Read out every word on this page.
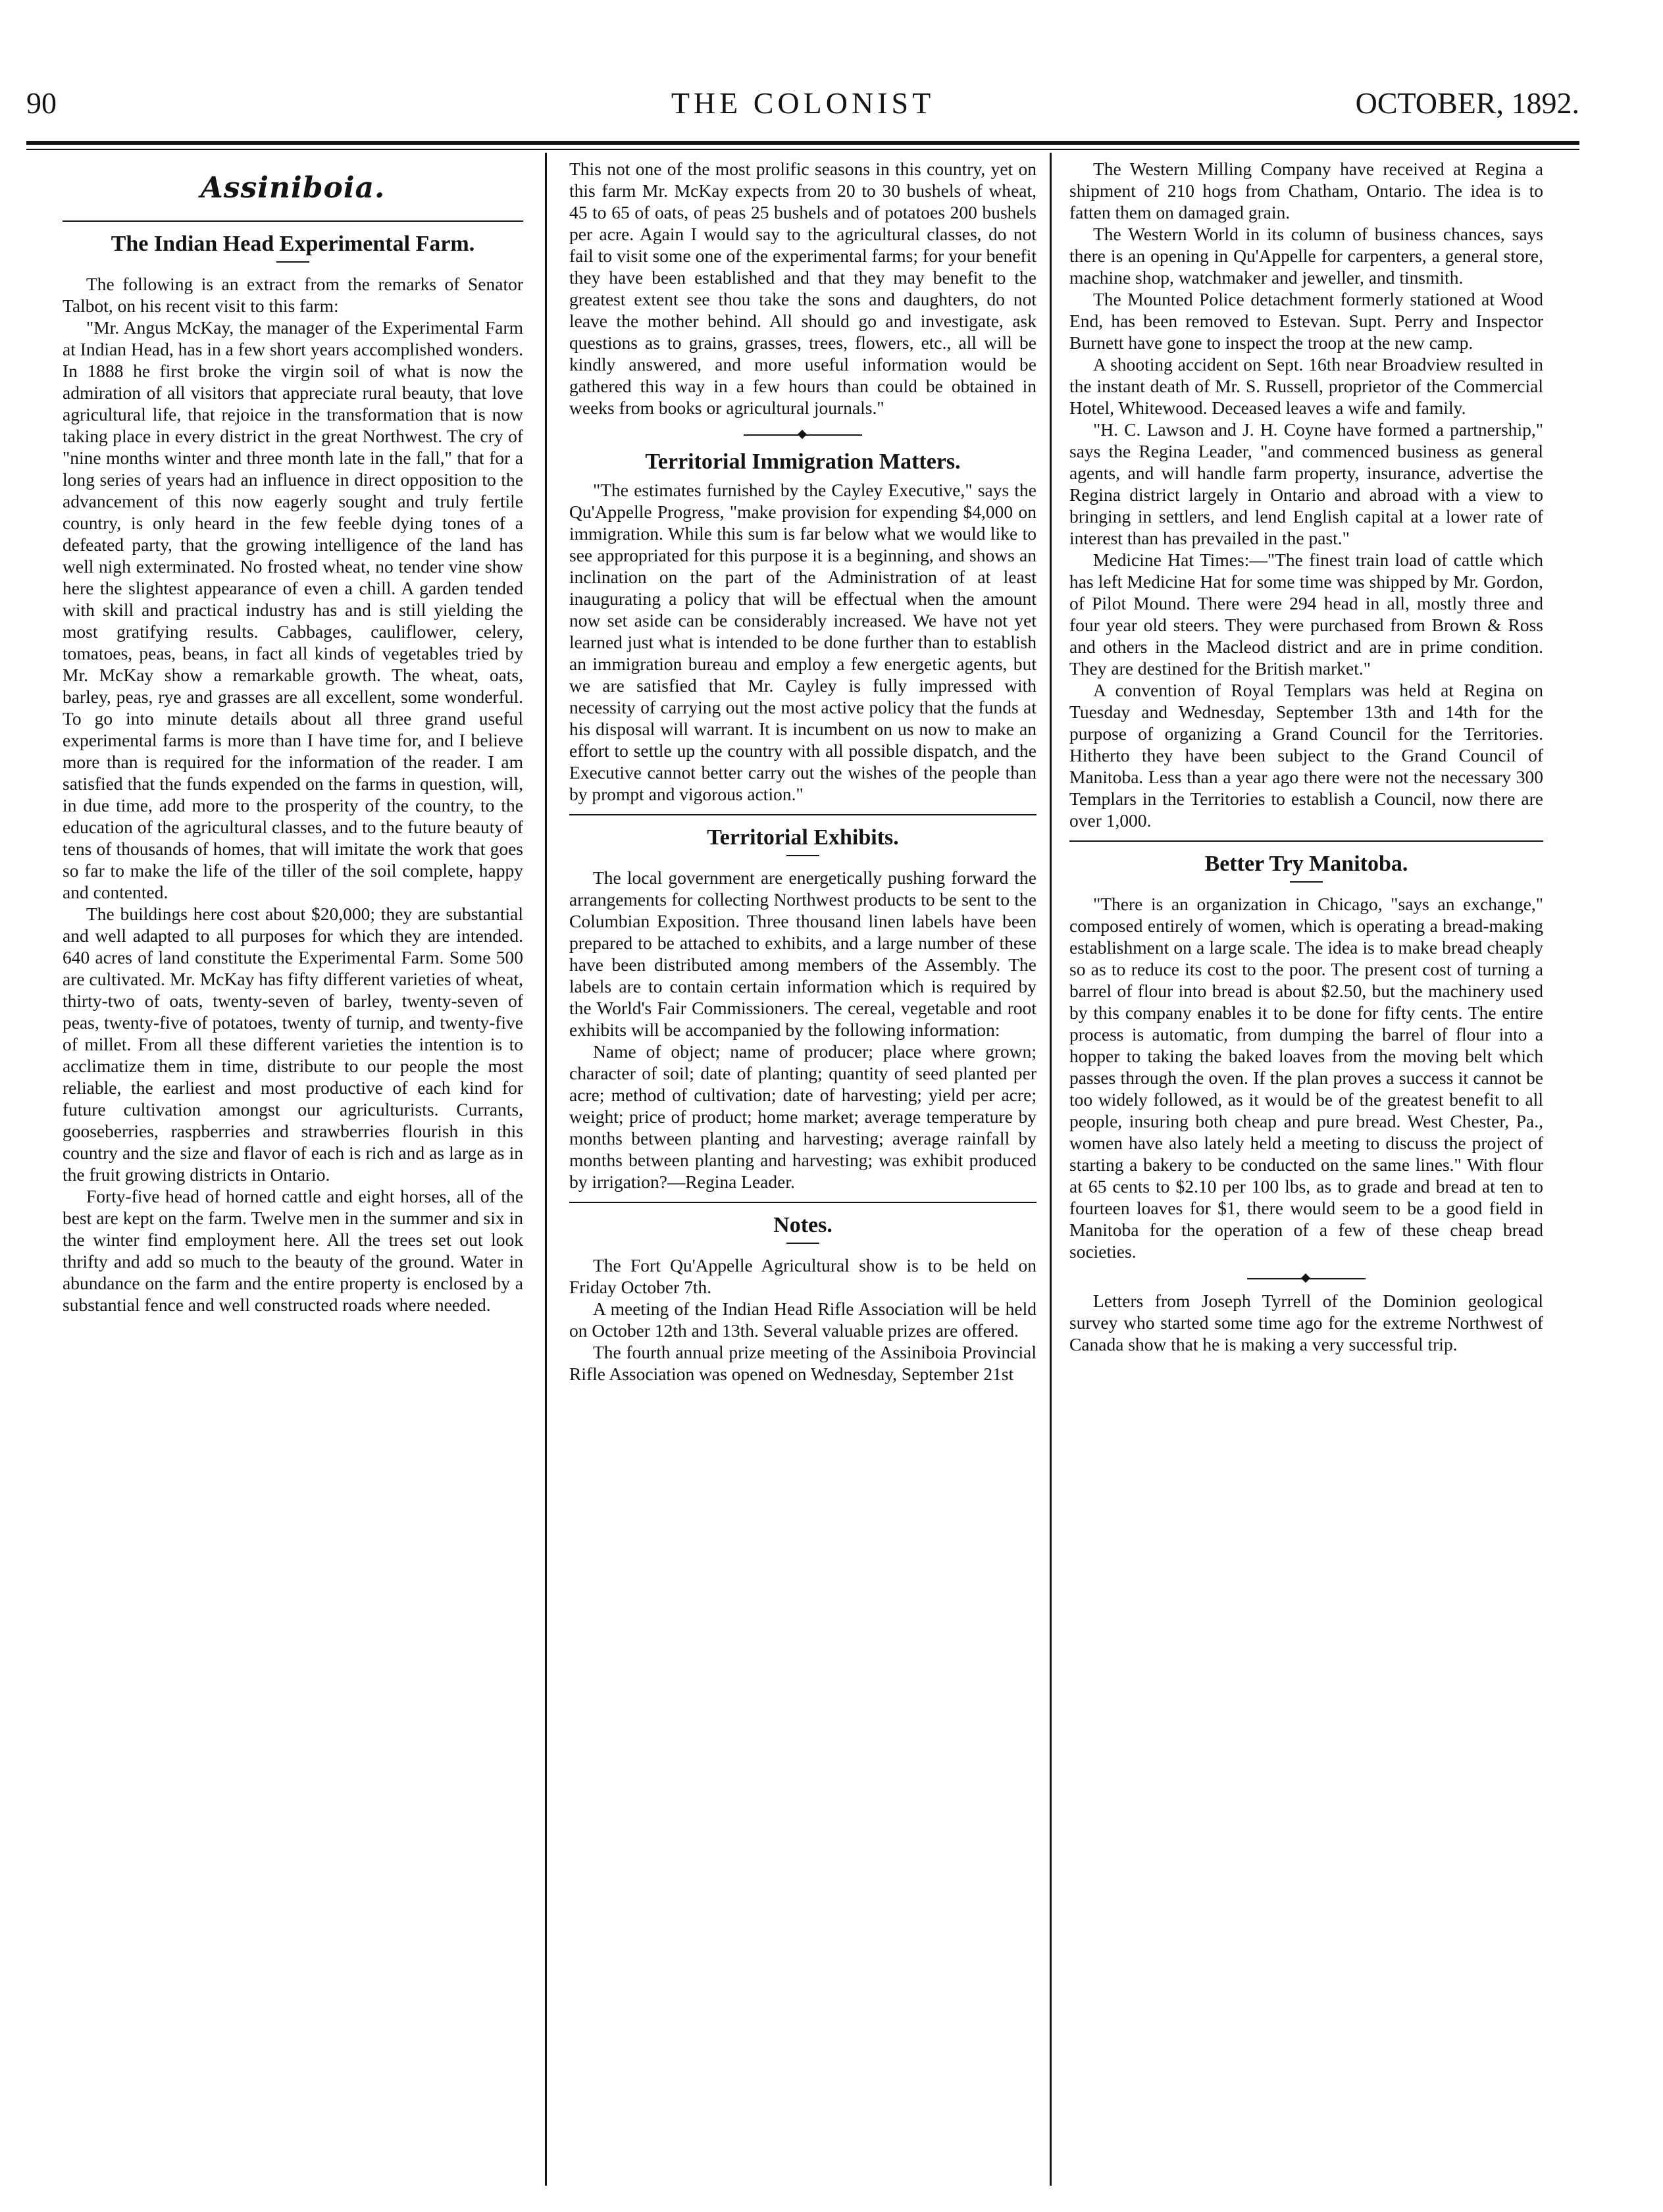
THE COLONIST
90	OCTOBER, 1892.
Assiniboia.
The Indian Head Experimental Farm.

The following is an extract from the remarks of Senator Talbot, on his recent visit to this farm:

"Mr. Angus McKay, the manager of the Experimental Farm at Indian Head, has in a few short years accomplished wonders. In 1888 he first broke the virgin soil of what is now the admiration of all visitors that appreciate rural beauty, that love agricultural life, that rejoice in the transformation that is now taking place in every district in the great Northwest. The cry of "nine months winter and three month late in the fall," that for a long series of years had an influence in direct opposition to the advancement of this now eagerly sought and truly fertile country, is only heard in the few feeble dying tones of a defeated party, that the growing intelligence of the land has well nigh exterminated. No frosted wheat, no tender vine show here the slightest appearance of even a chill. A garden tended with skill and practical industry has and is still yielding the most gratifying results. Cabbages, cauliflower, celery, tomatoes, peas, beans, in fact all kinds of vegetables tried by Mr. McKay show a remarkable growth. The wheat, oats, barley, peas, rye and grasses are all excellent, some wonderful. To go into minute details about all three grand useful experimental farms is more than I have time for, and I believe more than is required for the information of the reader. I am satisfied that the funds expended on the farms in question, will, in due time, add more to the prosperity of the country, to the education of the agricultural classes, and to the future beauty of tens of thousands of homes, that will imitate the work that goes so far to make the life of the tiller of the soil complete, happy and contented.

The buildings here cost about $20,000; they are substantial and well adapted to all purposes for which they are intended. 640 acres of land constitute the Experimental Farm. Some 500 are cultivated. Mr. McKay has fifty different varieties of wheat, thirty-two of oats, twenty-seven of barley, twenty-seven of peas, twenty-five of potatoes, twenty of turnip, and twenty-five of millet. From all these different varieties the intention is to acclimatize them in time, distribute to our people the most reliable, the earliest and most productive of each kind for future cultivation amongst our agriculturists. Currants, gooseberries, raspberries and strawberries flourish in this country and the size and flavor of each is rich and as large as in the fruit growing districts in Ontario.

Forty-five head of horned cattle and eight horses, all of the best are kept on the farm. Twelve men in the summer and six in the winter find employment here. All the trees set out look thrifty and add so much to the beauty of the ground. Water in abundance on the farm and the entire property is enclosed by a substantial fence and well constructed roads where needed.

This not one of the most prolific seasons in this country, yet on this farm Mr. McKay expects from 20 to 30 bushels of wheat, 45 to 65 of oats, of peas 25 bushels and of potatoes 200 bushels per acre. Again I would say to the agricultural classes, do not fail to visit some one of the experimental farms; for your benefit they have been established and that they may benefit to the greatest extent see thou take the sons and daughters, do not leave the mother behind. All should go and investigate, ask questions as to grains, grasses, trees, flowers, etc., all will be kindly answered, and more useful information would be gathered this way in a few hours than could be obtained in weeks from books or agricultural journals."

Territorial Immigration Matters.

"The estimates furnished by the Cayley Executive," says the Qu'Appelle Progress, "make provision for expending $4,000 on immigration. While this sum is far below what we would like to see appropriated for this purpose it is a beginning, and shows an inclination on the part of the Administration of at least inaugurating a policy that will be effectual when the amount now set aside can be considerably increased. We have not yet learned just what is intended to be done further than to establish an immigration bureau and employ a few energetic agents, but we are satisfied that Mr. Cayley is fully impressed with necessity of carrying out the most active policy that the funds at his disposal will warrant. It is incumbent on us now to make an effort to settle up the country with all possible dispatch, and the Executive cannot better carry out the wishes of the people than by prompt and vigorous action."

Territorial Exhibits.

The local government are energetically pushing forward the arrangements for collecting Northwest products to be sent to the Columbian Exposition. Three thousand linen labels have been prepared to be attached to exhibits, and a large number of these have been distributed among members of the Assembly. The labels are to contain certain information which is required by the World's Fair Commissioners. The cereal, vegetable and root exhibits will be accompanied by the following information:

Name of object; name of producer; place where grown; character of soil; date of planting; quantity of seed planted per acre; method of cultivation; date of harvesting; yield per acre; weight; price of product; home market; average temperature by months between planting and harvesting; average rainfall by months between planting and harvesting; was exhibit produced by irrigation?—Regina Leader.

Notes.

The Fort Qu'Appelle Agricultural show is to be held on Friday October 7th.

A meeting of the Indian Head Rifle Association will be held on October 12th and 13th. Several valuable prizes are offered.

The fourth annual prize meeting of the Assiniboia Provincial Rifle Association was opened on Wednesday, September 21st

The Western Milling Company have received at Regina a shipment of 210 hogs from Chatham, Ontario. The idea is to fatten them on damaged grain.

The Western World in its column of business chances, says there is an opening in Qu'Appelle for carpenters, a general store, machine shop, watchmaker and jeweller, and tinsmith.

The Mounted Police detachment formerly stationed at Wood End, has been removed to Estevan. Supt. Perry and Inspector Burnett have gone to inspect the troop at the new camp.

A shooting accident on Sept. 16th near Broadview resulted in the instant death of Mr. S. Russell, proprietor of the Commercial Hotel, Whitewood. Deceased leaves a wife and family.

"H. C. Lawson and J. H. Coyne have formed a partnership," says the Regina Leader, "and commenced business as general agents, and will handle farm property, insurance, advertise the Regina district largely in Ontario and abroad with a view to bringing in settlers, and lend English capital at a lower rate of interest than has prevailed in the past."

Medicine Hat Times:—"The finest train load of cattle which has left Medicine Hat for some time was shipped by Mr. Gordon, of Pilot Mound. There were 294 head in all, mostly three and four year old steers. They were purchased from Brown & Ross and others in the Macleod district and are in prime condition. They are destined for the British market."

A convention of Royal Templars was held at Regina on Tuesday and Wednesday, September 13th and 14th for the purpose of organizing a Grand Council for the Territories. Hitherto they have been subject to the Grand Council of Manitoba. Less than a year ago there were not the necessary 300 Templars in the Territories to establish a Council, now there are over 1,000.

Better Try Manitoba.

"There is an organization in Chicago, "says an exchange," composed entirely of women, which is operating a bread-making establishment on a large scale. The idea is to make bread cheaply so as to reduce its cost to the poor. The present cost of turning a barrel of flour into bread is about $2.50, but the machinery used by this company enables it to be done for fifty cents. The entire process is automatic, from dumping the barrel of flour into a hopper to taking the baked loaves from the moving belt which passes through the oven. If the plan proves a success it cannot be too widely followed, as it would be of the greatest benefit to all people, insuring both cheap and pure bread. West Chester, Pa., women have also lately held a meeting to discuss the project of starting a bakery to be conducted on the same lines." With flour at 65 cents to $2.10 per 100 lbs, as to grade and bread at ten to fourteen loaves for $1, there would seem to be a good field in Manitoba for the operation of a few of these cheap bread societies.

Letters from Joseph Tyrrell of the Dominion geological survey who started some time ago for the extreme Northwest of Canada show that he is making a very successful trip.
